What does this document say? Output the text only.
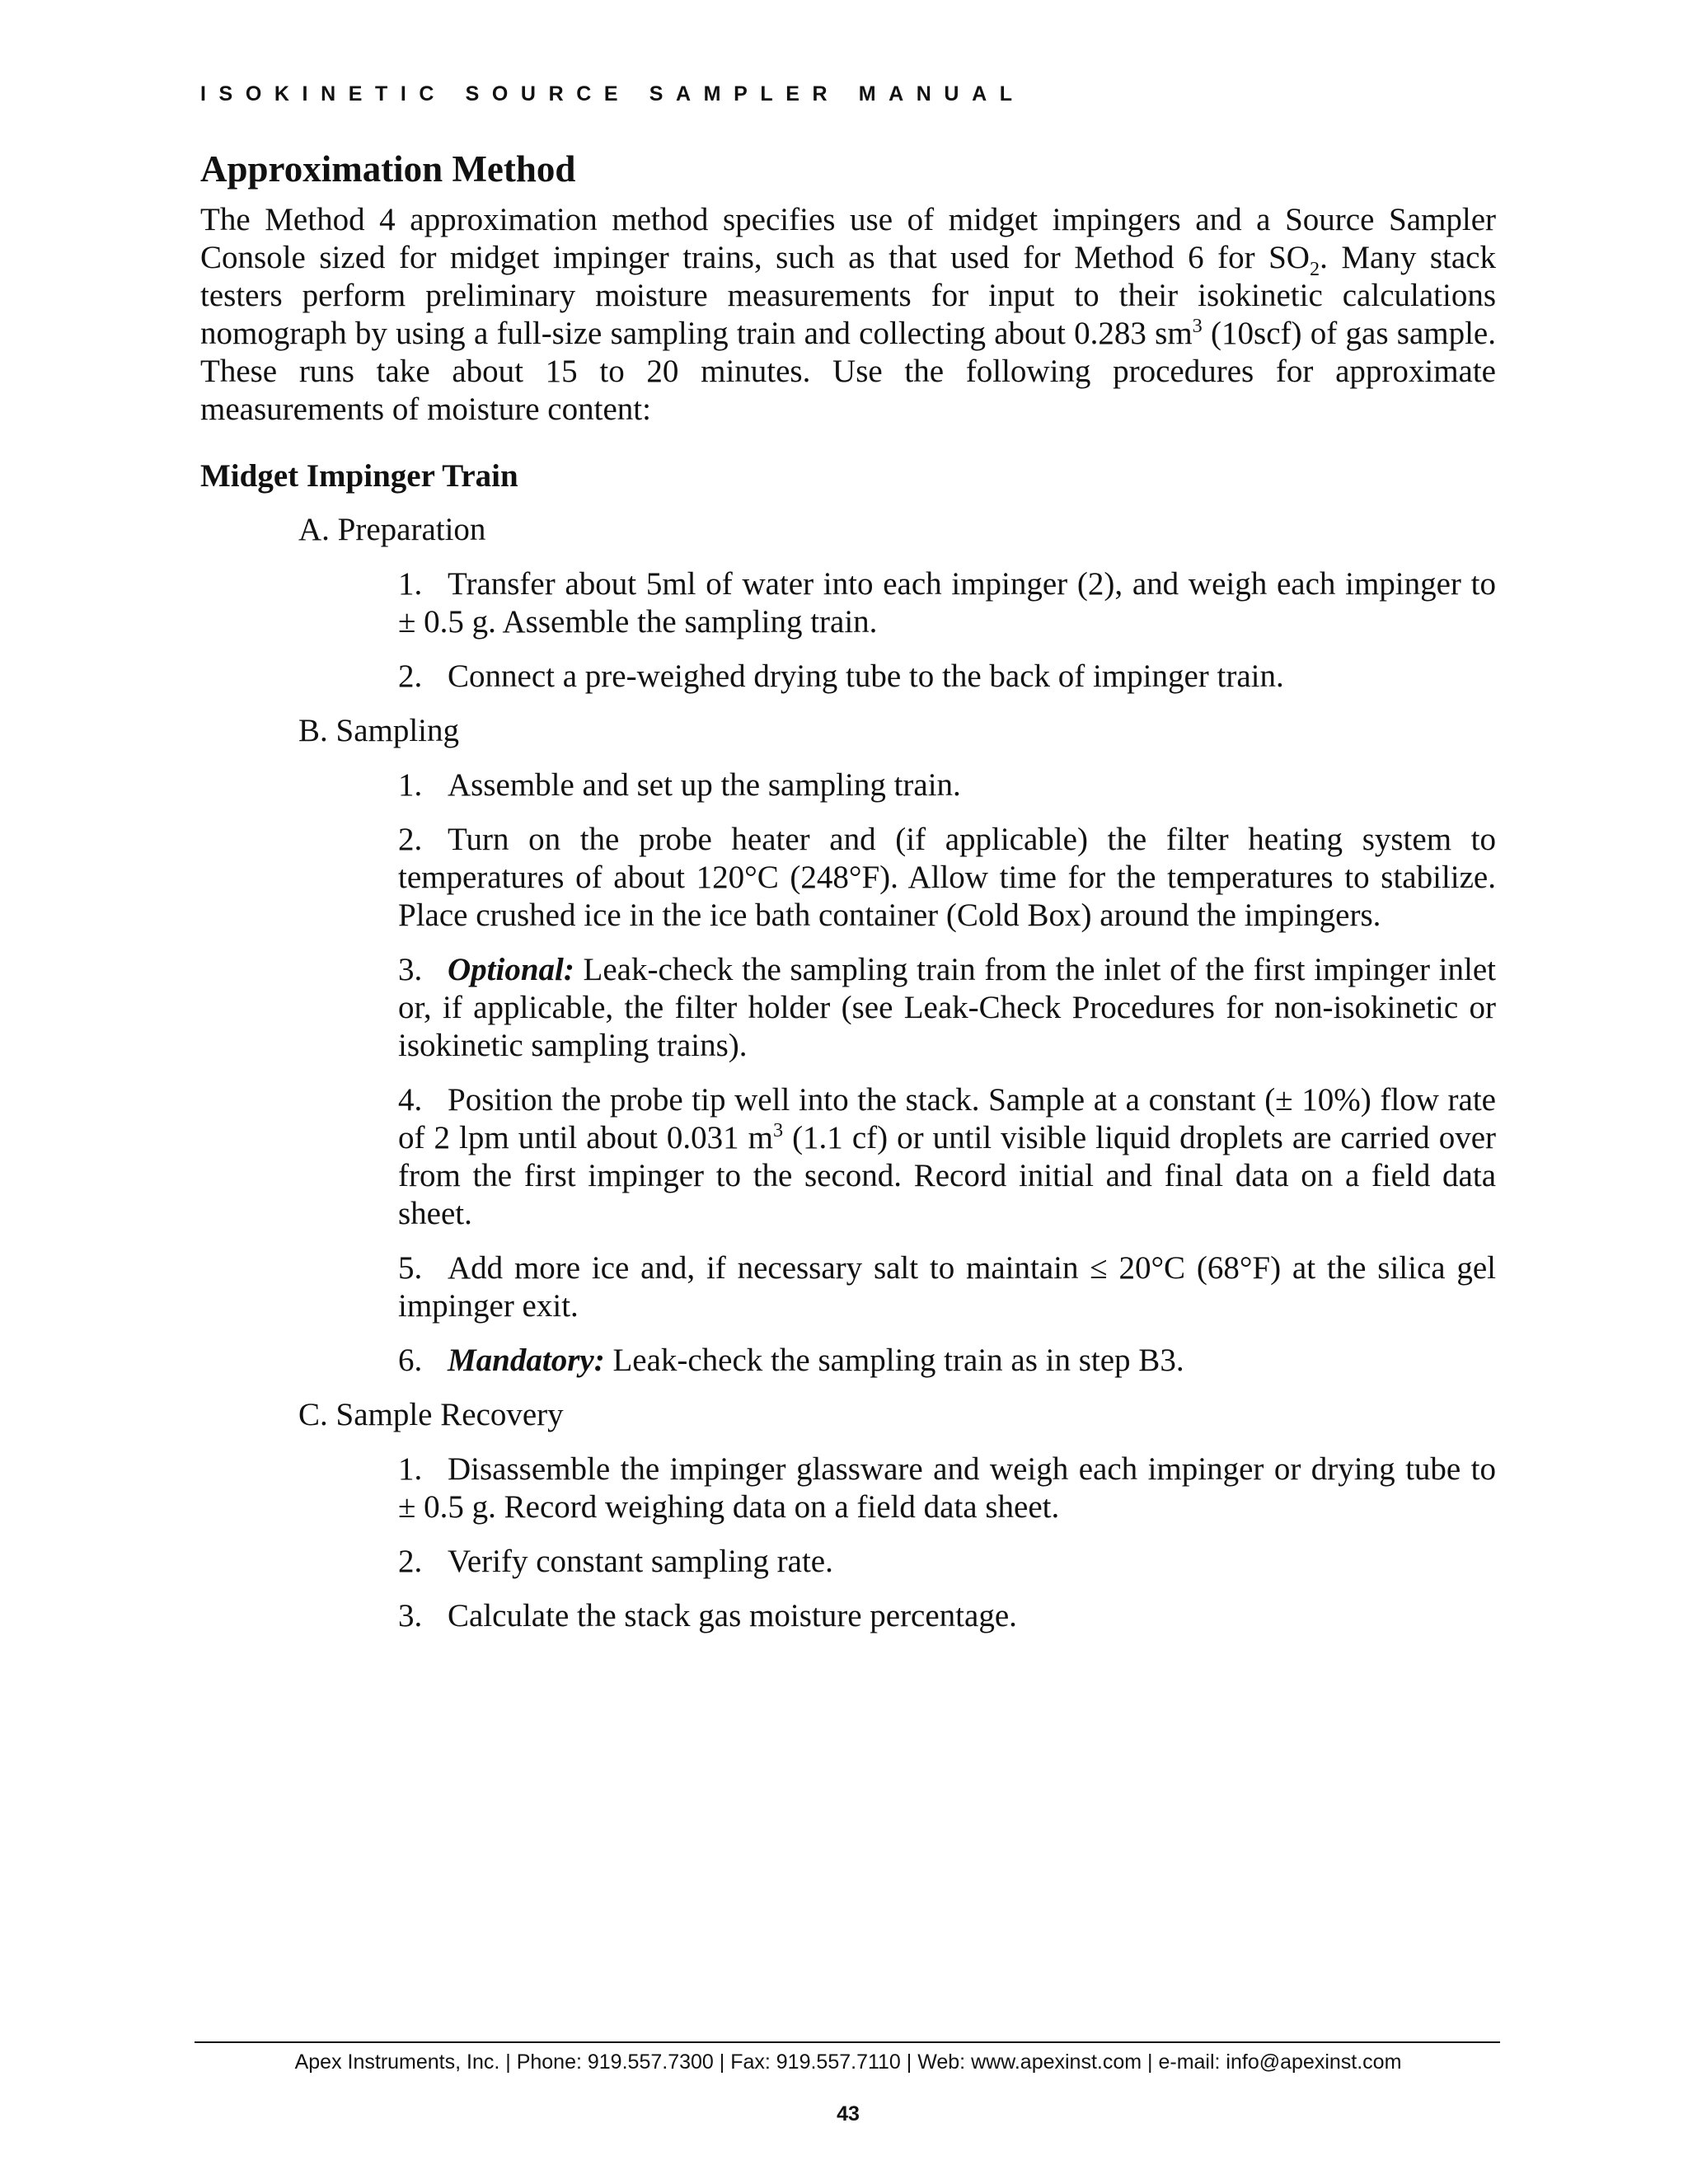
ISOKINETIC SOURCE SAMPLER MANUAL
Approximation Method

The Method 4 approximation method specifies use of midget impingers and a Source Sampler Console sized for midget impinger trains, such as that used for Method 6 for $SO_2$. Many stack testers perform preliminary moisture measurements for input to their isokinetic calculations nomograph by using a full-size sampling train and collecting about 0.283 $sm^3$ (10scf) of gas sample. These runs take about 15 to 20 minutes. Use the following procedures for approximate measurements of moisture content:

Midget Impinger Train
A. Preparation

1. Transfer about 5ml of water into each impinger (2), and weigh each impinger to ± 0.5 g. Assemble the sampling train.

2. Connect a pre-weighed drying tube to the back of impinger train.

B. Sampling

1. Assemble and set up the sampling train.

2. Turn on the probe heater and (if applicable) the filter heating system to temperatures of about 120°C (248°F). Allow time for the temperatures to stabilize. Place crushed ice in the ice bath container (Cold Box) around the impingers.

3. Optional: Leak-check the sampling train from the inlet of the first impinger inlet or, if applicable, the filter holder (see Leak-Check Procedures for non-isokinetic or isokinetic sampling trains).

4. Position the probe tip well into the stack. Sample at a constant (± 10%) flow rate of 2 lpm until about 0.031 $m^3$ (1.1 cf) or until visible liquid droplets are carried over from the first impinger to the second. Record initial and final data on a field data sheet.

5. Add more ice and, if necessary salt to maintain ≤ 20°C (68°F) at the silica gel impinger exit.

6. Mandatory: Leak-check the sampling train as in step B3.

C. Sample Recovery

1. Disassemble the impinger glassware and weigh each impinger or drying tube to ± 0.5 g. Record weighing data on a field data sheet.

2. Verify constant sampling rate.

3. Calculate the stack gas moisture percentage.

Apex Instruments, Inc. | Phone: 919.557.7300 | Fax: 919.557.7110 | Web: www.apexinst.com | e-mail: info@apexinst.com
43
